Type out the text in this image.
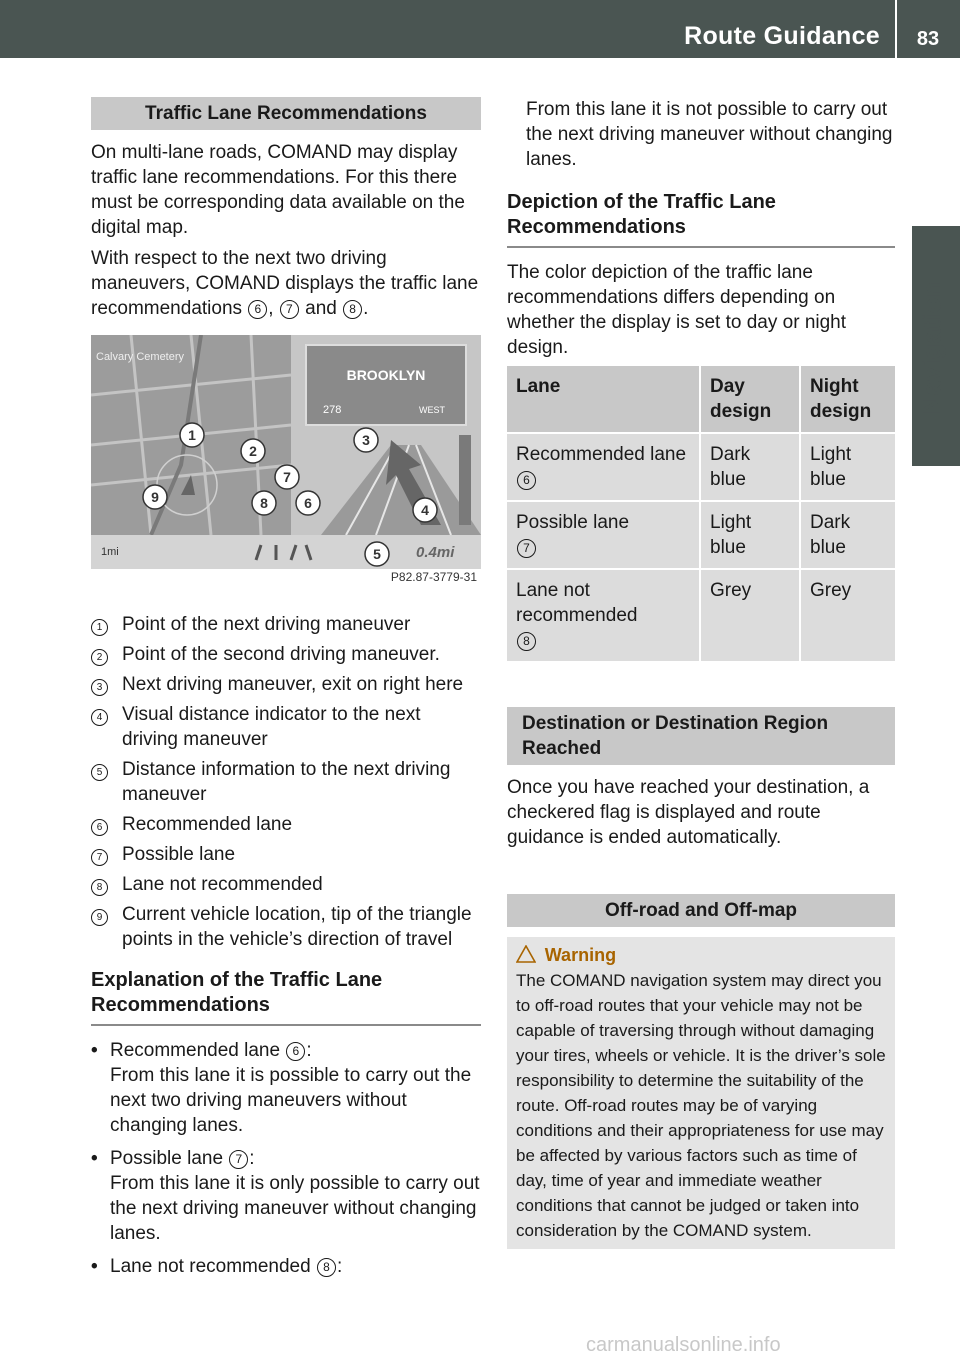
Route Guidance	83
Navigation
Traffic Lane Recommendations

On multi-lane roads, COMAND may display traffic lane recommendations. For this there must be corresponding data available on the digital map.

With respect to the next two driving maneuvers, COMAND displays the traffic lane recommendations 6 , 7 and 8 .

BROOKLYN
278	WEST
Calvary Cemetery
1mi	0.4mi
1
2
3
4
5
6
7
8
9
P82.87-3779-31
1	Point of the next driving maneuver
2	Point of the second driving maneuver.
3	Next driving maneuver, exit on right here
4	Visual distance indicator to the next driving maneuver
5	Distance information to the next driving maneuver
6	Recommended lane
7	Possible lane
8	Lane not recommended
9	Current vehicle location, tip of the triangle points in the vehicle’s direction of travel
Explanation of the Traffic Lane Recommendations
• Recommended lane 6 :
From this lane it is possible to carry out the next two driving maneuvers without changing lanes.
• Possible lane 7 :
From this lane it is only possible to carry out the next driving maneuver without changing lanes.
• Lane not recommended 8 :

From this lane it is not possible to carry out the next driving maneuver without changing lanes.

Depiction of the Traffic Lane Recommendations

The color depiction of the traffic lane recommendations differs depending on whether the display is set to day or night design.

Lane	Day design	Night design
Recommended lane
6	Dark blue	Light blue
Possible lane
7	Light blue	Dark blue
Lane not recommended
8	Grey	Grey
Destination or Destination Region Reached

Once you have reached your destination, a checkered flag is displayed and route guidance is ended automatically.

Off-road and Off-map
Warning
The COMAND navigation system may direct you to off-road routes that your vehicle may not be capable of traversing through without damaging your tires, wheels or vehicle. It is the driver’s sole responsibility to determine the suitability of the route. Off-road routes may be of varying conditions and their appropriateness for use may be affected by various factors such as time of day, time of year and immediate weather conditions that cannot be judged or taken into consideration by the COMAND system.
carmanualsonline.info
